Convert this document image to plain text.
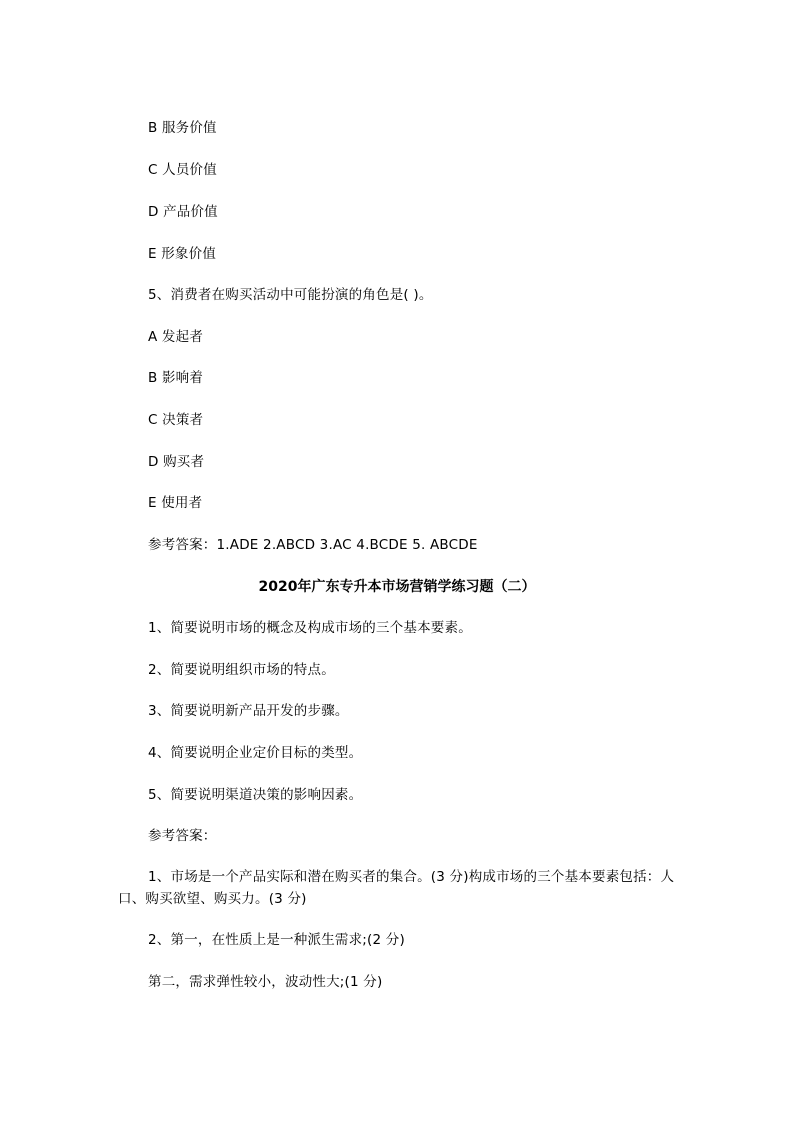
B 服务价值
C 人员价值
D 产品价值
E 形象价值
5、消费者在购买活动中可能扮演的角色是( )。
A 发起者
B 影响着
C 决策者
D 购买者
E 使用者
参考答案：1.ADE 2.ABCD 3.AC 4.BCDE 5. ABCDE
2020年广东专升本市场营销学练习题（二）
1、简要说明市场的概念及构成市场的三个基本要素。
2、简要说明组织市场的特点。
3、简要说明新产品开发的步骤。
4、简要说明企业定价目标的类型。
5、简要说明渠道决策的影响因素。
参考答案：
1、市场是一个产品实际和潜在购买者的集合。(3 分)构成市场的三个基本要素包括：人口、购买欲望、购买力。(3 分)
2、第一，在性质上是一种派生需求;(2 分)
第二，需求弹性较小，波动性大;(1 分)
